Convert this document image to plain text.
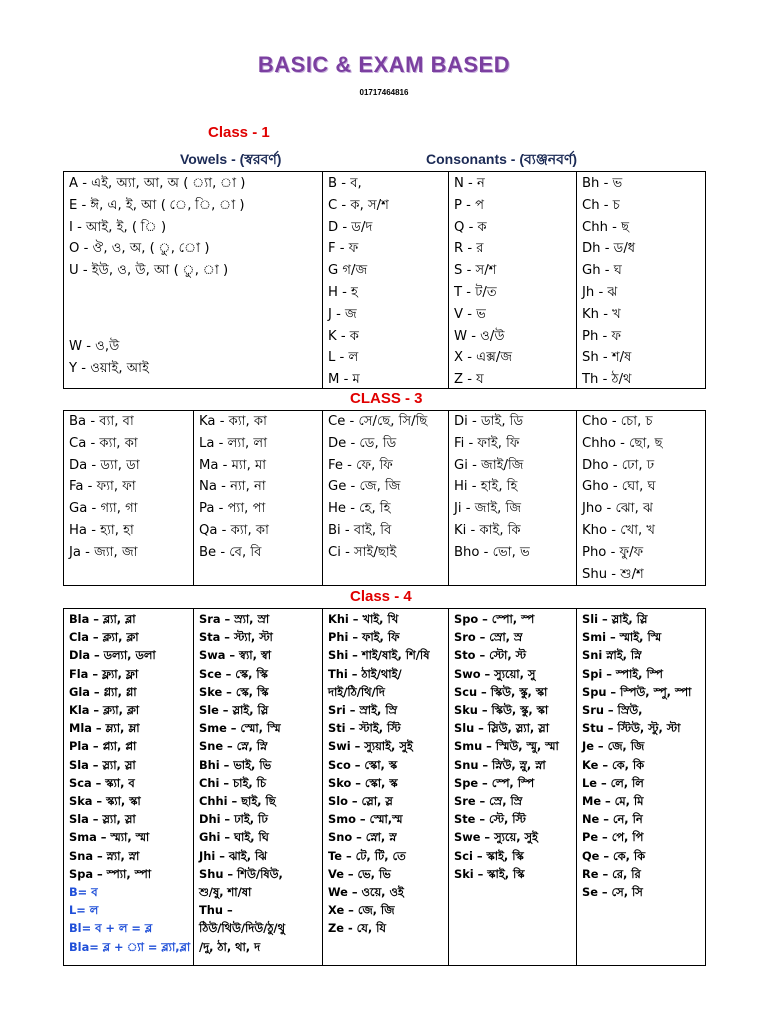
BASIC & EXAM BASED
01717464816
Class - 1
Vowels - (স্বরবর্ণ)	Consonants - (ব্যঞ্জনবর্ণ)
A - এই, অ্যা, আ, অ ( ্যা, া )
E - ঈ, এ, ই, আ ( ে, ি, া )
I - আই, ই, ( ি )
O - ঔ, ও, অ, ( ু, ো )
U - ইউ, ও, উ, আ ( ু, া )
W - ও,উ
Y - ওয়াই, আই
B - ব,
C - ক, স/শ
D - ড/দ
F - ফ
G গ/জ
H - হ
J - জ
K - ক
L - ল
M - ম
N - ন
P - প
Q - ক
R - র
S - স/শ
T - ট/ত
V - ভ
W - ও/উ
X - এক্স/জ
Z - য
Bh - ভ
Ch - চ
Chh - ছ
Dh - ড/ধ
Gh - ঘ
Jh - ঝ
Kh - খ
Ph - ফ
Sh - শ/ষ
Th - ঠ/থ
CLASS - 3
Ba - ব্যা, বা
Ca - ক্যা, কা
Da - ড্যা, ডা
Fa - ফ্যা, ফা
Ga - গ্যা, গা
Ha - হ্যা, হা
Ja - জ্যা, জা
Ka - ক্যা, কা
La - ল্যা, লা
Ma - ম্যা, মা
Na - ন্যা, না
Pa - প্যা, পা
Qa - ক্যা, কা
Be - বে, বি
Ce - সে/ছে, সি/ছি
De - ডে, ডি
Fe - ফে, ফি
Ge - জে, জি
He - হে, হি
Bi - বাই, বি
Ci - সাই/ছাই
Di - ডাই, ডি
Fi - ফাই, ফি
Gi - জাই/জি
Hi - হাই, হি
Ji - জাই, জি
Ki - কাই, কি
Bho - ভো, ভ
Cho - চো, চ
Chho - ছো, ছ
Dho - ঢো, ঢ
Gho - ঘো, ঘ
Jho - ঝো, ঝ
Kho - খো, খ
Pho - ফু/ফ
Shu - শু/শ
Class - 4
Bla – ব্ল্যা, ব্লা
Cla – ক্ল্যা, ক্লা
Dla – ডল্যা, ডলা
Fla – ফ্ল্যা, ফ্লা
Gla – গ্ল্যা, গ্লা
Kla – ক্ল্যা, ক্লা
Mla – ম্ল্যা, ম্লা
Pla – প্ল্যা, প্লা
Sla – স্ল্যা, স্লা
Sca – স্ক্যা, ব
Ska – স্ক্যা, স্কা
Sla – স্ল্যা, স্লা
Sma – স্ম্যা, স্মা
Sna – স্ন্যা, স্না
Spa – স্প্যা, স্পা
B= ব
L= ল
Bl= ব + ল = ব্ল
Bla= ব্ল + ্যা = ব্ল্যা,ব্লা
Sra – স্র্যা, স্রা
Sta – স্ট্যা, স্টা
Swa – স্ব্যা, স্বা
Sce – স্কে, স্কি
Ske – স্কে, স্কি
Sle – স্লাই, স্লি
Sme – স্মো, স্মি
Sne – স্নে, স্নি
Bhi – ভাই, ভি
Chi – চাই, চি
Chhi – ছাই, ছি
Dhi – ঢাই, ঢি
Ghi – ঘাই, ঘি
Jhi – ঝাই, ঝি
Shu – শিউ/ষিউ,
শু/ষু, শা/ষা
Thu –
ঠিউ/থিউ/দিউ/ঠু/থু
/দু, ঠা, থা, দ
Khi – খাই, খি
Phi – ফাই, ফি
Shi – শাই/ষাই, শি/ষি
Thi – ঠাই/থাই/
দাই/ঠি/থি/দি
Sri – স্রাই, স্রি
Sti – স্টাই, স্টি
Swi – স্যুয়াই, সুই
Sco – স্কো, স্ক
Sko – স্কো, স্ক
Slo – স্লো, স্ল
Smo – স্মো,স্ম
Sno – স্নো, স্ন
Te – টে, টি, তে
Ve – ভে, ভি
We – ওয়ে, ওই
Xe – জে, জি
Ze - যে, যি
Spo – স্পো, স্প
Sro – স্রো, স্র
Sto – স্টো, স্ট
Swo – স্যুয়ো, সু
Scu – স্কিউ, স্কু, স্কা
Sku – স্কিউ, স্কু, স্কা
Slu – স্লিউ, স্ল্যা, স্লা
Smu – স্মিউ, স্মু, স্মা
Snu – স্নিউ, স্নু, স্না
Spe – স্পে, স্পি
Sre – স্রে, স্রি
Ste – স্টে, স্টি
Swe – স্যুয়ে, সুই
Sci – স্কাই, স্কি
Ski – স্কাই, স্কি
Sli – স্লাই, স্লি
Smi – স্মাই, স্মি
Sni স্নাই, স্নি
Spi – স্পাই, স্পি
Spu – স্পিউ, স্পু, স্পা
Sru – স্রিউ,
Stu – স্টিউ, স্টু, স্টা
Je – জে, জি
Ke – কে, কি
Le – লে, লি
Me – মে, মি
Ne – নে, নি
Pe – পে, পি
Qe – কে, কি
Re – রে, রি
Se – সে, সি
